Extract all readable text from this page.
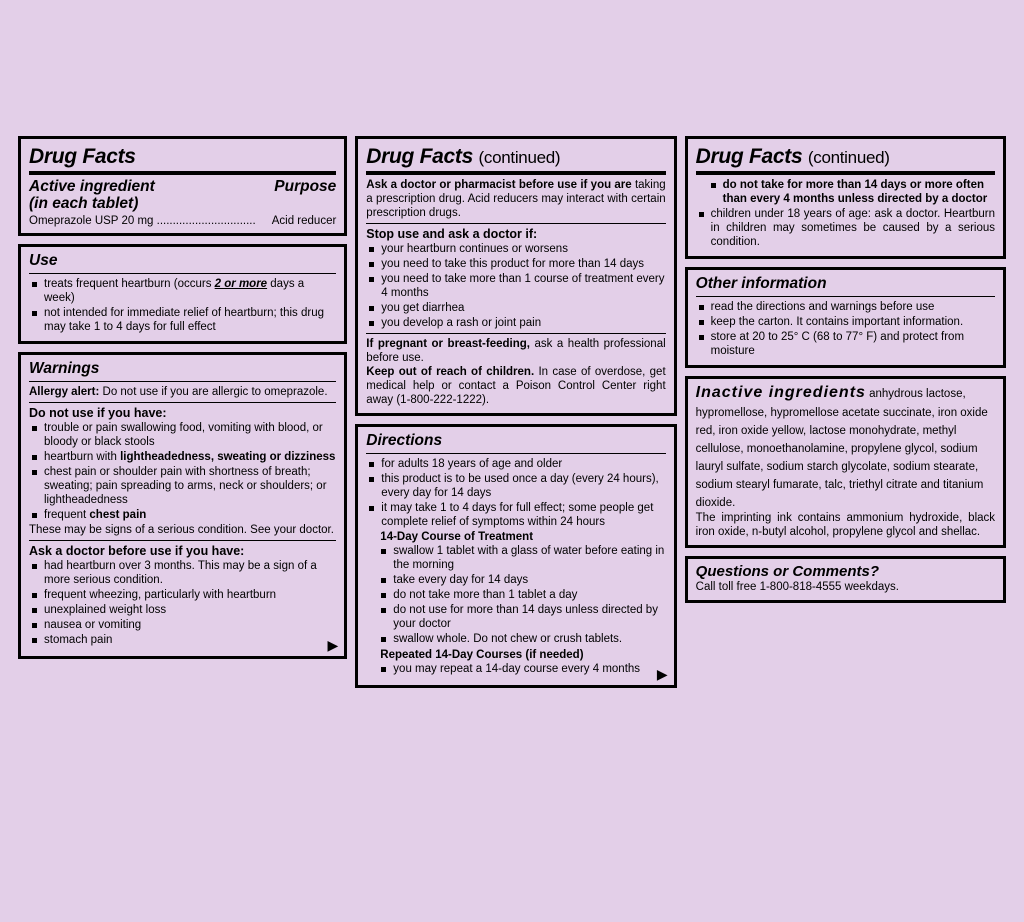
Drug Facts
Active ingredient
(in each tablet)
Purpose
Omeprazole USP 20 mg ............................... Acid reducer
Use
treats frequent heartburn (occurs 2 or more days a week)
not intended for immediate relief of heartburn; this drug may take 1 to 4 days for full effect
Warnings
Allergy alert: Do not use if you are allergic to omeprazole.
Do not use if you have:
trouble or pain swallowing food, vomiting with blood, or bloody or black stools
heartburn with lightheadedness, sweating or dizziness
chest pain or shoulder pain with shortness of breath; sweating; pain spreading to arms, neck or shoulders; or lightheadedness
frequent chest pain
These may be signs of a serious condition. See your doctor.
Ask a doctor before use if you have:
had heartburn over 3 months. This may be a sign of a more serious condition.
frequent wheezing, particularly with heartburn
unexplained weight loss
nausea or vomiting
stomach pain	▶
Drug Facts (continued)
Ask a doctor or pharmacist before use if you are taking a prescription drug. Acid reducers may interact with certain prescription drugs.
Stop use and ask a doctor if:
your heartburn continues or worsens
you need to take this product for more than 14 days
you need to take more than 1 course of treatment every 4 months
you get diarrhea
you develop a rash or joint pain
If pregnant or breast-feeding, ask a health professional before use.
Keep out of reach of children. In case of overdose, get medical help or contact a Poison Control Center right away (1-800-222-1222).
Directions
for adults 18 years of age and older
this product is to be used once a day (every 24 hours), every day for 14 days
it may take 1 to 4 days for full effect; some people get complete relief of symptoms within 24 hours
14-Day Course of Treatment
swallow 1 tablet with a glass of water before eating in the morning
take every day for 14 days
do not take more than 1 tablet a day
do not use for more than 14 days unless directed by your doctor
swallow whole. Do not chew or crush tablets.
Repeated 14-Day Courses (if needed)
you may repeat a 14-day course every 4 months	▶
Drug Facts (continued)
do not take for more than 14 days or more often than every 4 months unless directed by a doctor
children under 18 years of age: ask a doctor. Heartburn in children may sometimes be caused by a serious condition.
Other information
read the directions and warnings before use
keep the carton. It contains important information.
store at 20 to 25° C (68 to 77° F) and protect from moisture
Inactive ingredients anhydrous lactose, hypromellose, hypromellose acetate succinate, iron oxide red, iron oxide yellow, lactose monohydrate, methyl cellulose, monoethanolamine, propylene glycol, sodium lauryl sulfate, sodium starch glycolate, sodium stearate, sodium stearyl fumarate, talc, triethyl citrate and titanium dioxide.
The imprinting ink contains ammonium hydroxide, black iron oxide, n-butyl alcohol, propylene glycol and shellac.
Questions or Comments?
Call toll free 1-800-818-4555 weekdays.
